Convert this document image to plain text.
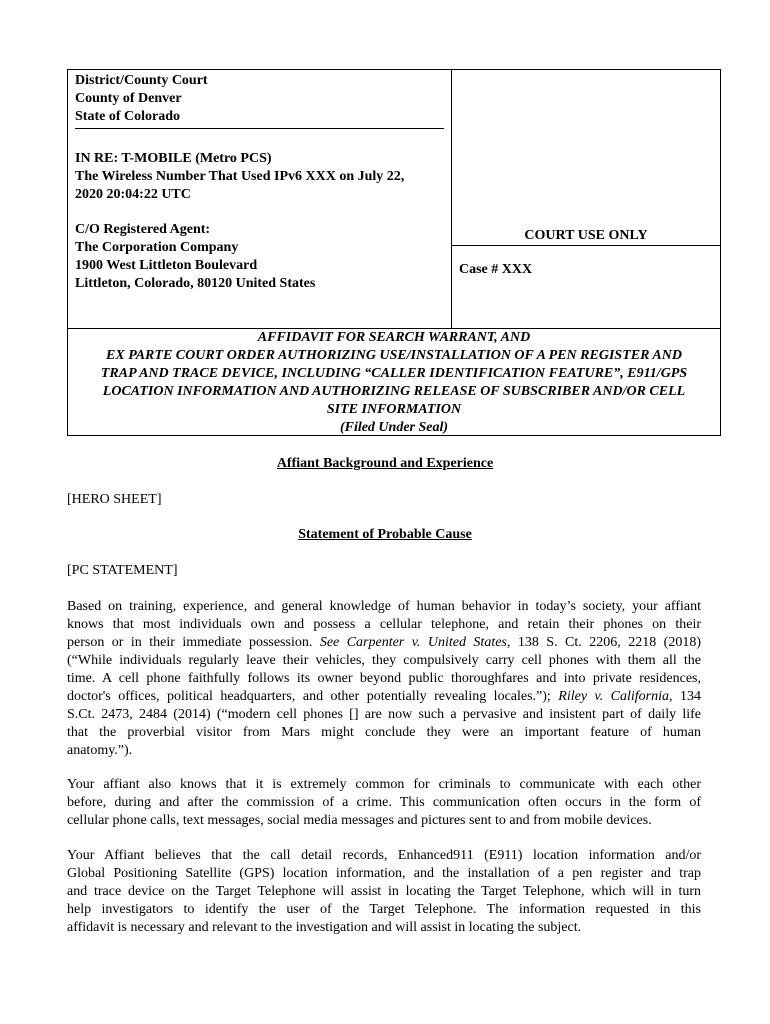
District/County Court
County of Denver
State of Colorado
IN RE: T-MOBILE (Metro PCS)
The Wireless Number That Used IPv6 XXX on July 22,
2020 20:04:22 UTC
C/O Registered Agent:
The Corporation Company
1900 West Littleton Boulevard
Littleton, Colorado, 80120 United States
COURT USE ONLY
Case # XXX
AFFIDAVIT FOR SEARCH WARRANT, AND
EX PARTE COURT ORDER AUTHORIZING USE/INSTALLATION OF A PEN REGISTER AND
TRAP AND TRACE DEVICE, INCLUDING “CALLER IDENTIFICATION FEATURE”, E911/GPS
LOCATION INFORMATION AND AUTHORIZING RELEASE OF SUBSCRIBER AND/OR CELL
SITE INFORMATION
(Filed Under Seal)
Affiant Background and Experience
[HERO SHEET]
Statement of Probable Cause
[PC STATEMENT]
Based on training, experience, and general knowledge of human behavior in today’s society, your affiant
knows that most individuals own and possess a cellular telephone, and retain their phones on their
person or in their immediate possession. See Carpenter v. United States, 138 S. Ct. 2206, 2218 (2018)
(“While individuals regularly leave their vehicles, they compulsively carry cell phones with them all the
time. A cell phone faithfully follows its owner beyond public thoroughfares and into private residences,
doctor's offices, political headquarters, and other potentially revealing locales.”); Riley v. California, 134
S.Ct. 2473, 2484 (2014) (“modern cell phones [] are now such a pervasive and insistent part of daily life
that the proverbial visitor from Mars might conclude they were an important feature of human
anatomy.”).
Your affiant also knows that it is extremely common for criminals to communicate with each other
before, during and after the commission of a crime. This communication often occurs in the form of
cellular phone calls, text messages, social media messages and pictures sent to and from mobile devices.
Your Affiant believes that the call detail records, Enhanced911 (E911) location information and/or
Global Positioning Satellite (GPS) location information, and the installation of a pen register and trap
and trace device on the Target Telephone will assist in locating the Target Telephone, which will in turn
help investigators to identify the user of the Target Telephone. The information requested in this
affidavit is necessary and relevant to the investigation and will assist in locating the subject.
